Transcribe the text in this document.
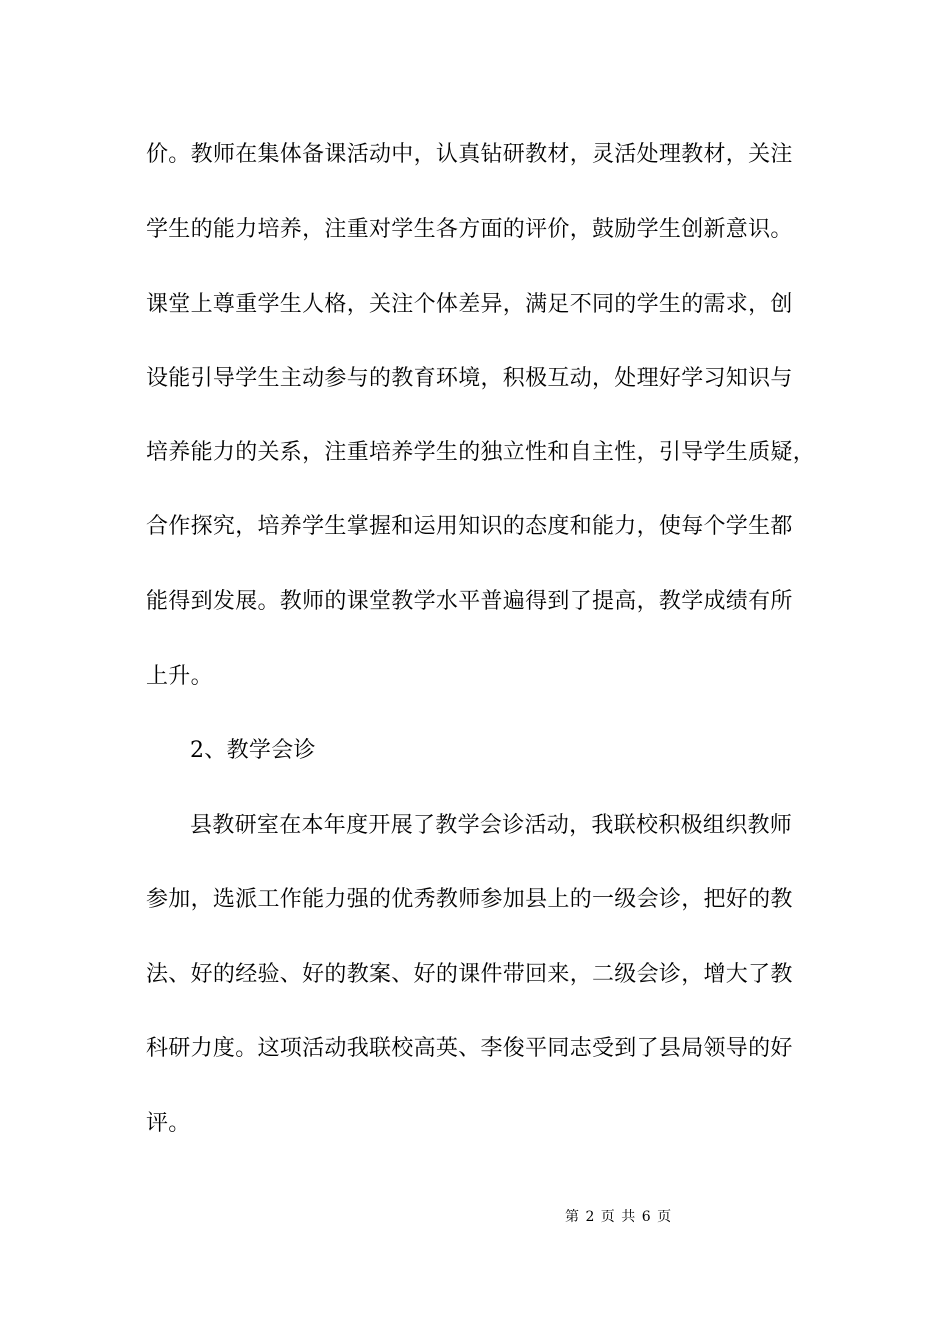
价。教师在集体备课活动中，认真钻研教材，灵活处理教材，关注
学生的能力培养，注重对学生各方面的评价，鼓励学生创新意识。
课堂上尊重学生人格，关注个体差异，满足不同的学生的需求，创
设能引导学生主动参与的教育环境，积极互动，处理好学习知识与
培养能力的关系，注重培养学生的独立性和自主性，引导学生质疑，
合作探究，培养学生掌握和运用知识的态度和能力，使每个学生都
能得到发展。教师的课堂教学水平普遍得到了提高，教学成绩有所
上升。
2、教学会诊
县教研室在本年度开展了教学会诊活动，我联校积极组织教师
参加，选派工作能力强的优秀教师参加县上的一级会诊，把好的教
法、好的经验、好的教案、好的课件带回来，二级会诊，增大了教
科研力度。这项活动我联校高英、李俊平同志受到了县局领导的好
评。
第 2 页 共 6 页
